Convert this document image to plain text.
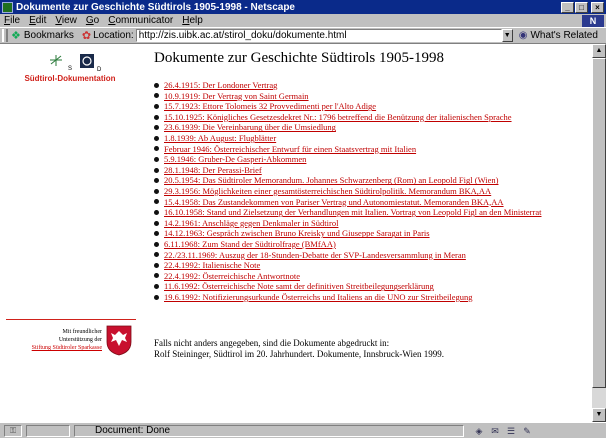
Dokumente zur Geschichte Südtirols 1905-1998 - Netscape	_	□	×
File Edit View Go Communicator Help	N
❖ Bookmarks ✿ Location:
http://zis.uibk.ac.at/stirol_doku/dokumente.html	▼ ◉ What's Related
S	D
Südtirol-Dokumentation
Mit freundlicher
Unterstützung der
Stiftung Südtiroler Sparkasse
Dokumente zur Geschichte Südtirols 1905-1998
26.4.1915: Der Londoner Vertrag
10.9.1919: Der Vertrag von Saint Germain
15.7.1923: Ettore Tolomeis 32 Provvedimenti per l'Alto Adige
15.10.1925: Königliches Gesetzesdekret Nr.: 1796 betreffend die Benützung der italienischen Sprache
23.6.1939: Die Vereinbarung über die Umsiedlung
1.8.1939: Ab August: Flugblätter
Februar 1946: Österreichischer Entwurf für einen Staatsvertrag mit Italien
5.9.1946: Gruber-De Gasperi-Abkommen
28.1.1948: Der Perassi-Brief
20.5.1954: Das Südtiroler Memorandum. Johannes Schwarzenberg (Rom) an Leopold Figl (Wien)
29.3.1956: Möglichkeiten einer gesamtösterreichischen Südtirolpolitik. Memorandum BKA,AA
15.4.1958: Das Zustandekommen von Pariser Vertrag und Autonomiestatut. Memoranden BKA,AA
16.10.1958: Stand und Zielsetzung der Verhandlungen mit Italien. Vortrag von Leopold Figl an den Ministerrat
14.2.1961: Anschläge gegen Denkmaler in Südtirol
14.12.1963: Gespräch zwischen Bruno Kreisky und Giuseppe Saragat in Paris
6.11.1968: Zum Stand der Südtirolfrage (BMfAA)
22./23.11.1969: Auszug der 18-Stunden-Debatte der SVP-Landesversammlung in Meran
22.4.1992: Italienische Note
22.4.1992: Österreichische Antwortnote
11.6.1992: Österreichische Note samt der definitiven Streitbeilegungserklärung
19.6.1992: Notifizierungsurkunde Österreichs und Italiens an die UNO zur Streitbeilegung
Falls nicht anders angegeben, sind die Dokumente abgedruckt in:
Rolf Steininger, Südtirol im 20. Jahrhundert. Dokumente, Innsbruck-Wien 1999.
▲
▼
⚿	Document: Done	◈ ✉ ☰ ✎
